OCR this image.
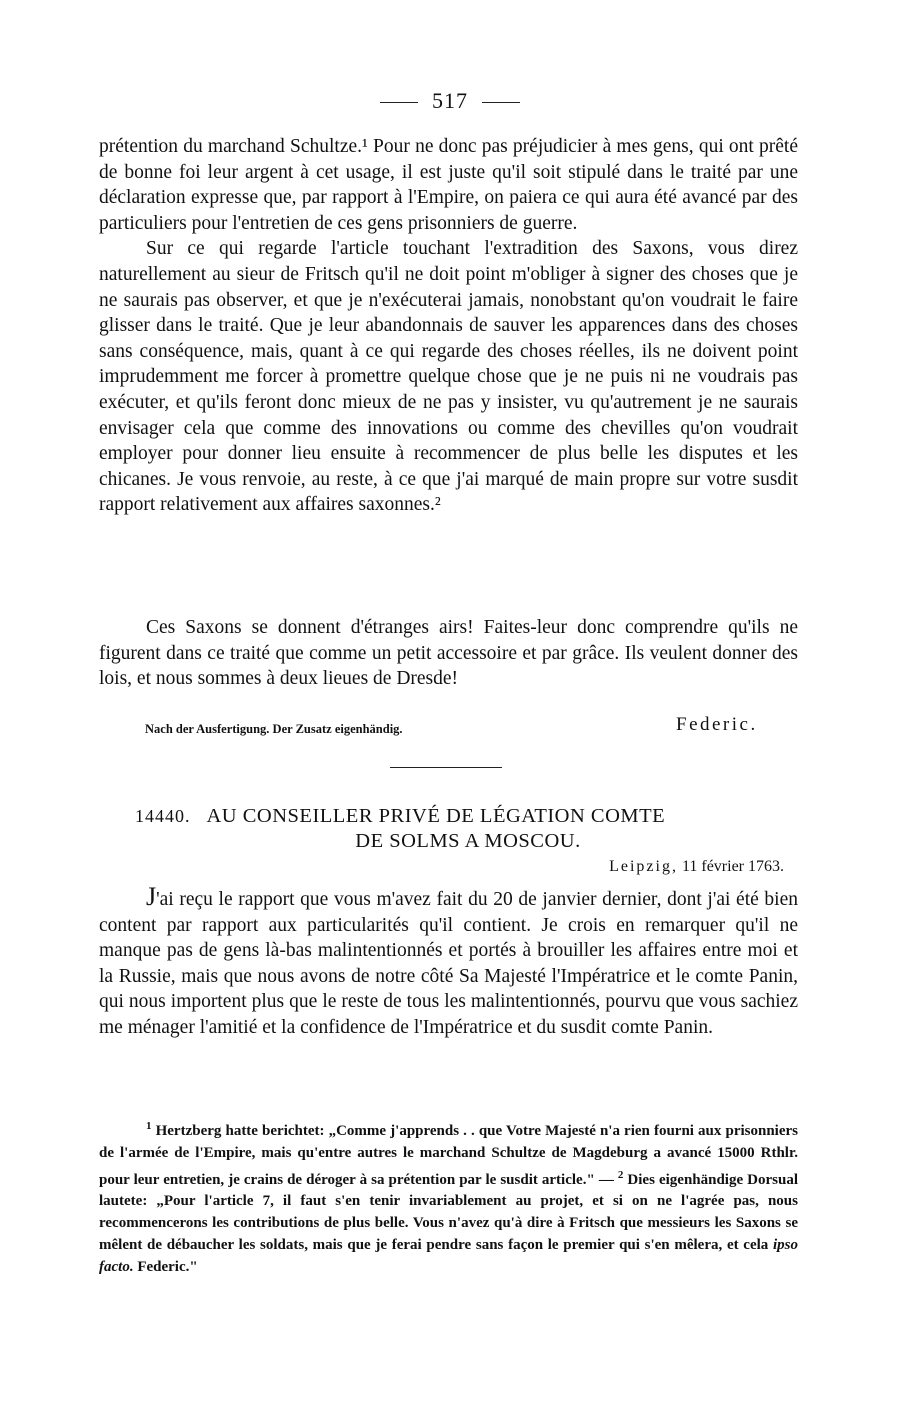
517

prétention du marchand Schultze.¹ Pour ne donc pas préjudicier à mes gens, qui ont prêté de bonne foi leur argent à cet usage, il est juste qu'il soit stipulé dans le traité par une déclaration expresse que, par rapport à l'Empire, on paiera ce qui aura été avancé par des particuliers pour l'entretien de ces gens prisonniers de guerre.

Sur ce qui regarde l'article touchant l'extradition des Saxons, vous direz naturellement au sieur de Fritsch qu'il ne doit point m'obliger à signer des choses que je ne saurais pas observer, et que je n'exécuterai jamais, nonobstant qu'on voudrait le faire glisser dans le traité. Que je leur abandonnais de sauver les apparences dans des choses sans conséquence, mais, quant à ce qui regarde des choses réelles, ils ne doivent point imprudemment me forcer à promettre quelque chose que je ne puis ni ne voudrais pas exécuter, et qu'ils feront donc mieux de ne pas y insister, vu qu'autrement je ne saurais envisager cela que comme des innovations ou comme des chevilles qu'on voudrait employer pour donner lieu ensuite à recommencer de plus belle les disputes et les chicanes. Je vous renvoie, au reste, à ce que j'ai marqué de main propre sur votre susdit rapport relativement aux affaires saxonnes.²

Ces Saxons se donnent d'étranges airs! Faites-leur donc comprendre qu'ils ne figurent dans ce traité que comme un petit accessoire et par grâce. Ils veulent donner des lois, et nous sommes à deux lieues de Dresde!

Nach der Ausfertigung. Der Zusatz eigenhändig.	Federic.
14440. AU CONSEILLER PRIVÉ DE LÉGATION COMTE
DE SOLMS A MOSCOU.
Leipzig, 11 février 1763.

J'ai reçu le rapport que vous m'avez fait du 20 de janvier dernier, dont j'ai été bien content par rapport aux particularités qu'il contient. Je crois en remarquer qu'il ne manque pas de gens là-bas malintentionnés et portés à brouiller les affaires entre moi et la Russie, mais que nous avons de notre côté Sa Majesté l'Impératrice et le comte Panin, qui nous importent plus que le reste de tous les malintentionnés, pourvu que vous sachiez me ménager l'amitié et la confidence de l'Impératrice et du susdit comte Panin.

$^1$ Hertzberg hatte berichtet: „Comme j'apprends . . que Votre Majesté n'a rien fourni aux prisonniers de l'armée de l'Empire, mais qu'entre autres le marchand Schultze de Magdeburg a avancé 15000 Rthlr. pour leur entretien, je crains de déroger à sa prétention par le susdit article." — $^2$ Dies eigenhändige Dorsual lautete: „Pour l'article 7, il faut s'en tenir invariablement au projet, et si on ne l'agrée pas, nous recommencerons les contributions de plus belle. Vous n'avez qu'à dire à Fritsch que messieurs les Saxons se mêlent de débaucher les soldats, mais que je ferai pendre sans façon le premier qui s'en mêlera, et cela ipso facto. Federic."
